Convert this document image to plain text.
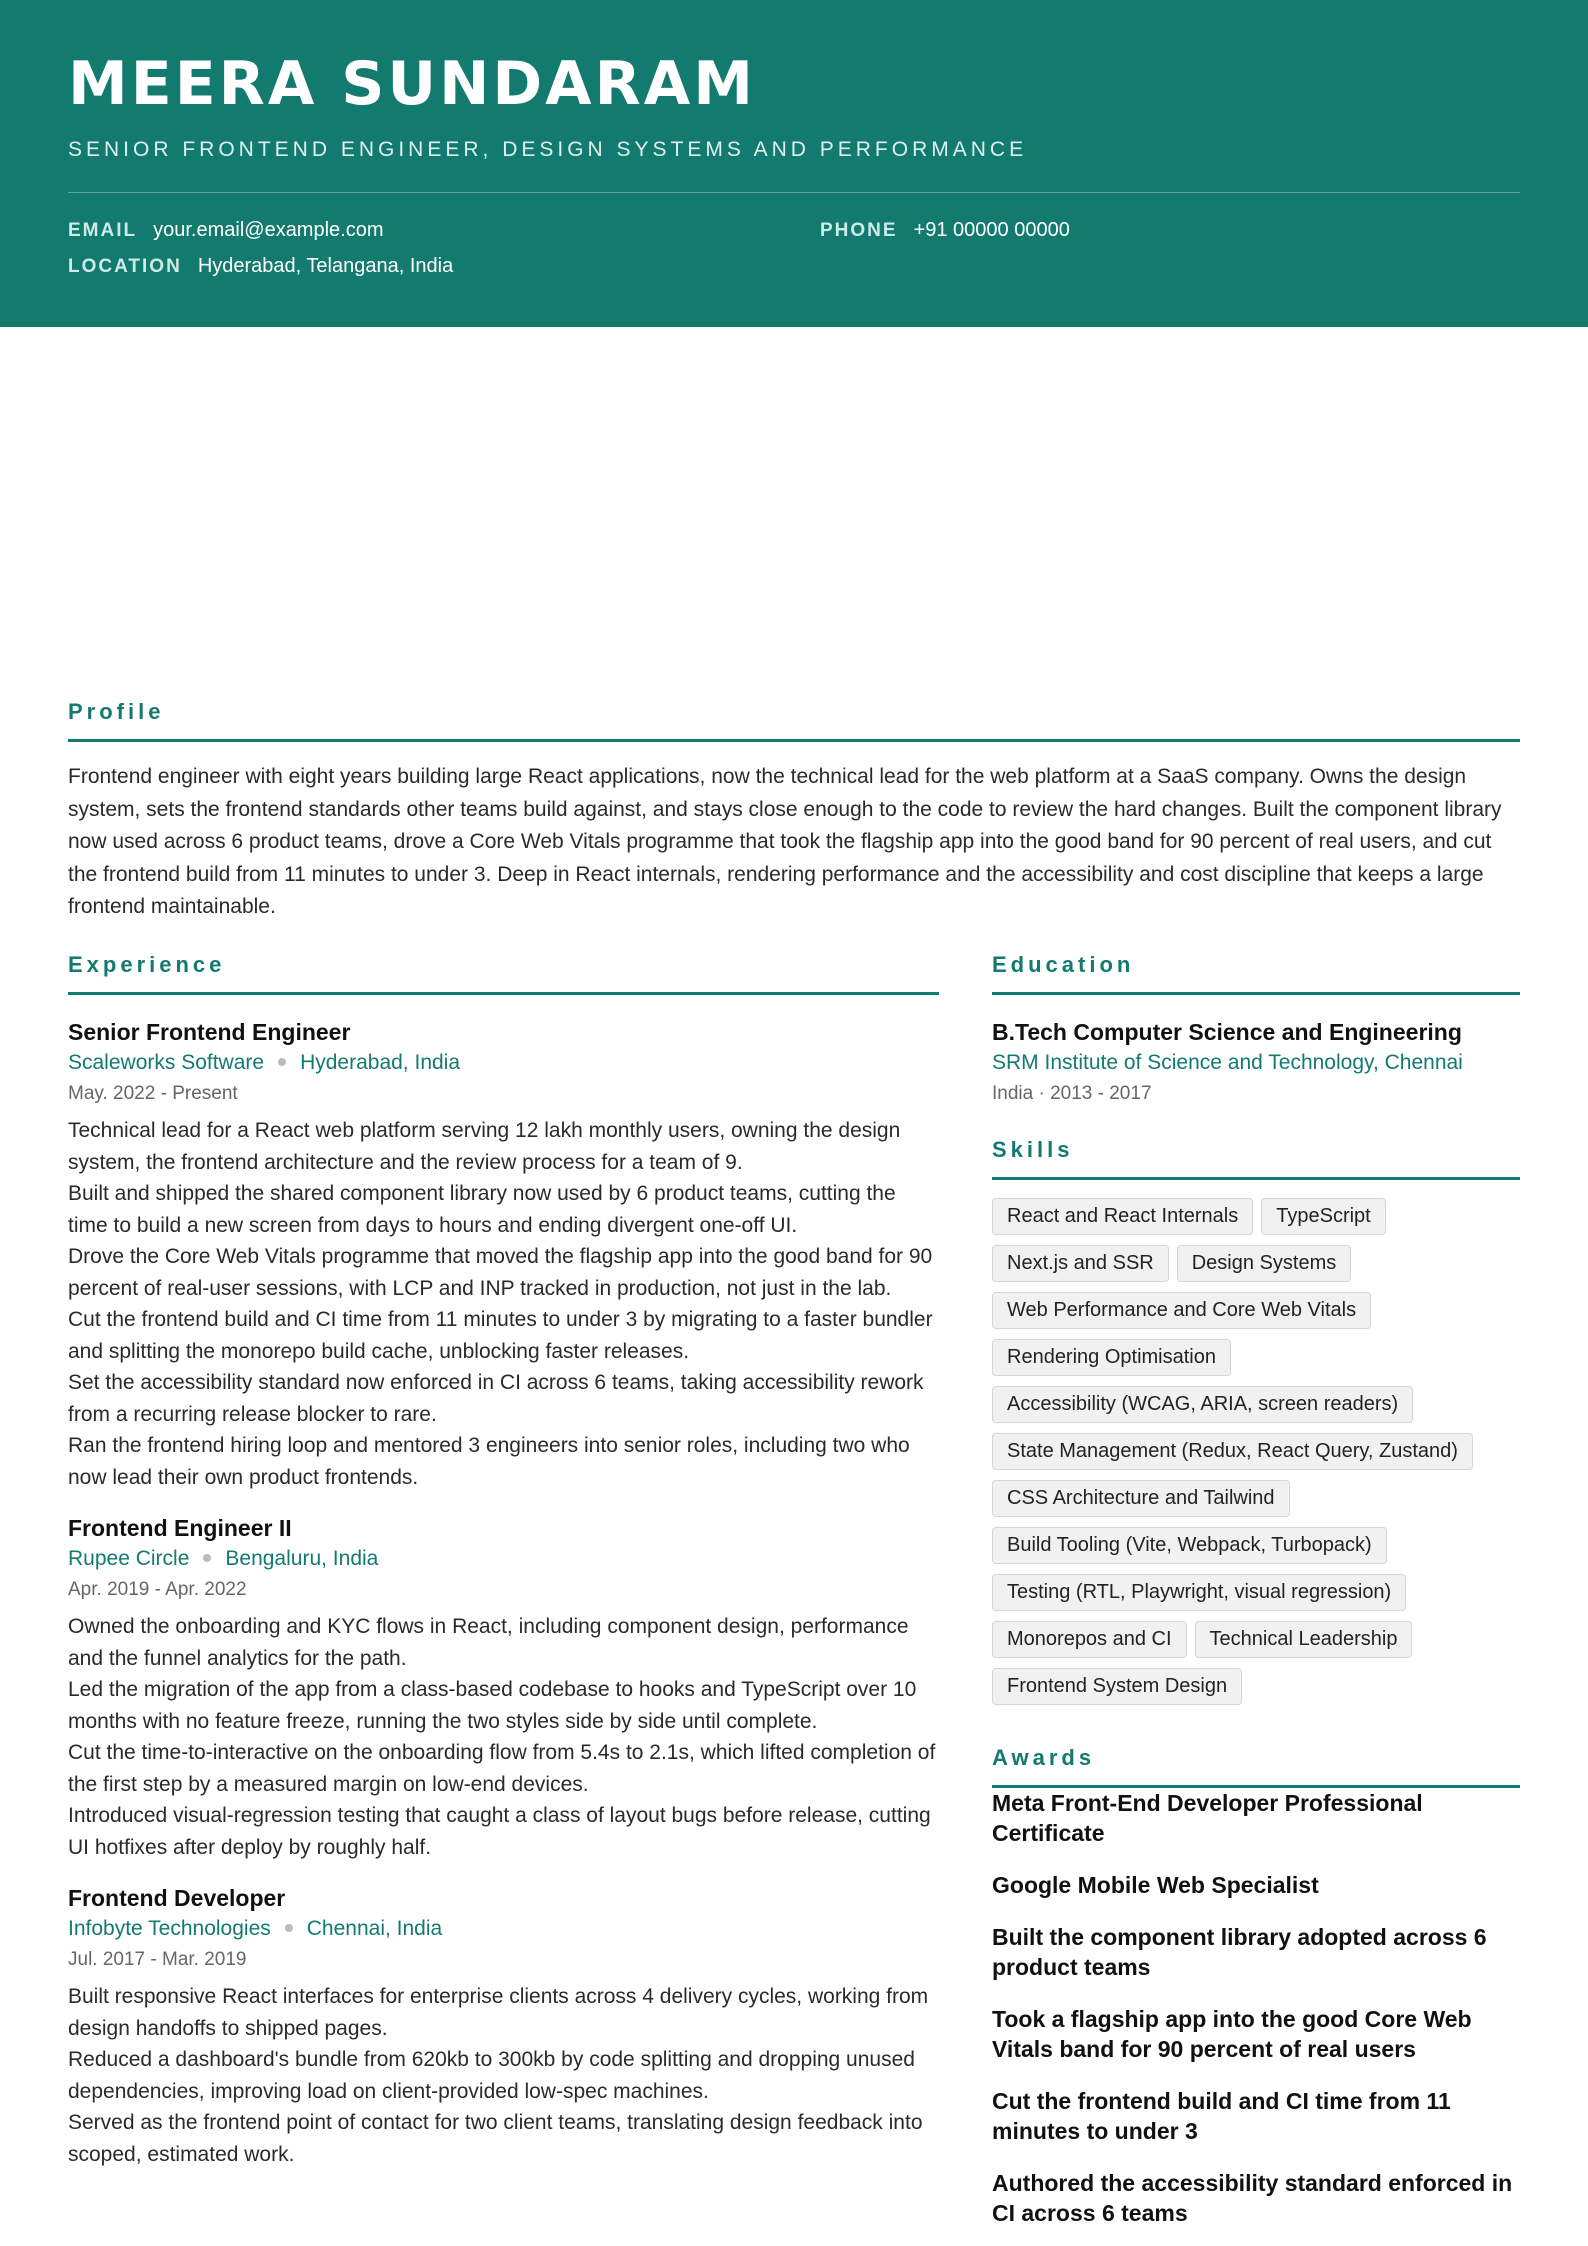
MEERA SUNDARAM
SENIOR FRONTEND ENGINEER, DESIGN SYSTEMS AND PERFORMANCE
EMAIL your.email@example.com	PHONE +91 00000 00000
LOCATION Hyderabad, Telangana, India
Profile

Frontend engineer with eight years building large React applications, now the technical lead for the web platform at a SaaS company. Owns the design system, sets the frontend standards other teams build against, and stays close enough to the code to review the hard changes. Built the component library now used across 6 product teams, drove a Core Web Vitals programme that took the flagship app into the good band for 90 percent of real users, and cut the frontend build from 11 minutes to under 3. Deep in React internals, rendering performance and the accessibility and cost discipline that keeps a large frontend maintainable.

Experience
Senior Frontend Engineer
Scaleworks Software Hyderabad, India
May. 2022 - Present
Technical lead for a React web platform serving 12 lakh monthly users, owning the design system, the frontend architecture and the review process for a team of 9.
Built and shipped the shared component library now used by 6 product teams, cutting the time to build a new screen from days to hours and ending divergent one-off UI.
Drove the Core Web Vitals programme that moved the flagship app into the good band for 90 percent of real-user sessions, with LCP and INP tracked in production, not just in the lab.
Cut the frontend build and CI time from 11 minutes to under 3 by migrating to a faster bundler and splitting the monorepo build cache, unblocking faster releases.
Set the accessibility standard now enforced in CI across 6 teams, taking accessibility rework from a recurring release blocker to rare.
Ran the frontend hiring loop and mentored 3 engineers into senior roles, including two who now lead their own product frontends.
Frontend Engineer II
Rupee Circle Bengaluru, India
Apr. 2019 - Apr. 2022
Owned the onboarding and KYC flows in React, including component design, performance and the funnel analytics for the path.
Led the migration of the app from a class-based codebase to hooks and TypeScript over 10 months with no feature freeze, running the two styles side by side until complete.
Cut the time-to-interactive on the onboarding flow from 5.4s to 2.1s, which lifted completion of the first step by a measured margin on low-end devices.
Introduced visual-regression testing that caught a class of layout bugs before release, cutting UI hotfixes after deploy by roughly half.
Frontend Developer
Infobyte Technologies Chennai, India
Jul. 2017 - Mar. 2019
Built responsive React interfaces for enterprise clients across 4 delivery cycles, working from design handoffs to shipped pages.
Reduced a dashboard's bundle from 620kb to 300kb by code splitting and dropping unused dependencies, improving load on client-provided low-spec machines.
Served as the frontend point of contact for two client teams, translating design feedback into scoped, estimated work.
Education
B.Tech Computer Science and Engineering
SRM Institute of Science and Technology, Chennai
India · 2013 - 2017
Skills
React and React Internals	TypeScript
Next.js and SSR	Design Systems
Web Performance and Core Web Vitals
Rendering Optimisation
Accessibility (WCAG, ARIA, screen readers)
State Management (Redux, React Query, Zustand)
CSS Architecture and Tailwind
Build Tooling (Vite, Webpack, Turbopack)
Testing (RTL, Playwright, visual regression)
Monorepos and CI	Technical Leadership
Frontend System Design
Awards
Meta Front-End Developer Professional Certificate
Google Mobile Web Specialist
Built the component library adopted across 6 product teams
Took a flagship app into the good Core Web Vitals band for 90 percent of real users
Cut the frontend build and CI time from 11 minutes to under 3
Authored the accessibility standard enforced in CI across 6 teams
